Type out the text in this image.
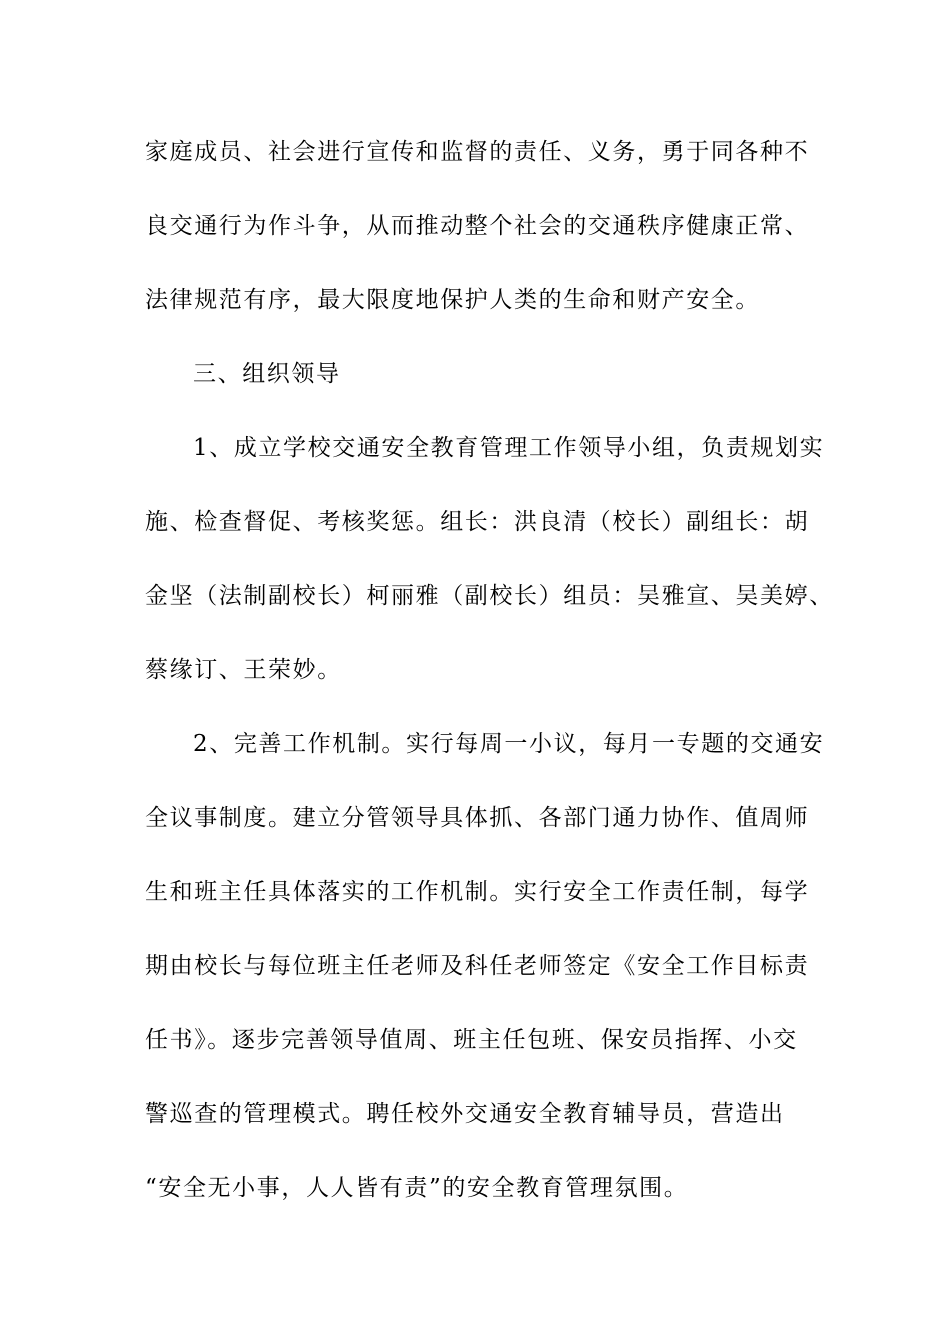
家庭成员、社会进行宣传和监督的责任、义务，勇于同各种不
良交通行为作斗争，从而推动整个社会的交通秩序健康正常、
法律规范有序，最大限度地保护人类的生命和财产安全。
三、组织领导
1、成立学校交通安全教育管理工作领导小组，负责规划实
施、检查督促、考核奖惩。组长：洪良清（校长）副组长：胡
金坚（法制副校长）柯丽雅（副校长）组员：吴雅宣、吴美婷、
蔡缘订、王荣妙。
2、完善工作机制。实行每周一小议，每月一专题的交通安
全议事制度。建立分管领导具体抓、各部门通力协作、值周师
生和班主任具体落实的工作机制。实行安全工作责任制，每学
期由校长与每位班主任老师及科任老师签定《安全工作目标责
任书》。逐步完善领导值周、班主任包班、保安员指挥、小交
警巡查的管理模式。聘任校外交通安全教育辅导员，营造出
“安全无小事，人人皆有责”的安全教育管理氛围。
